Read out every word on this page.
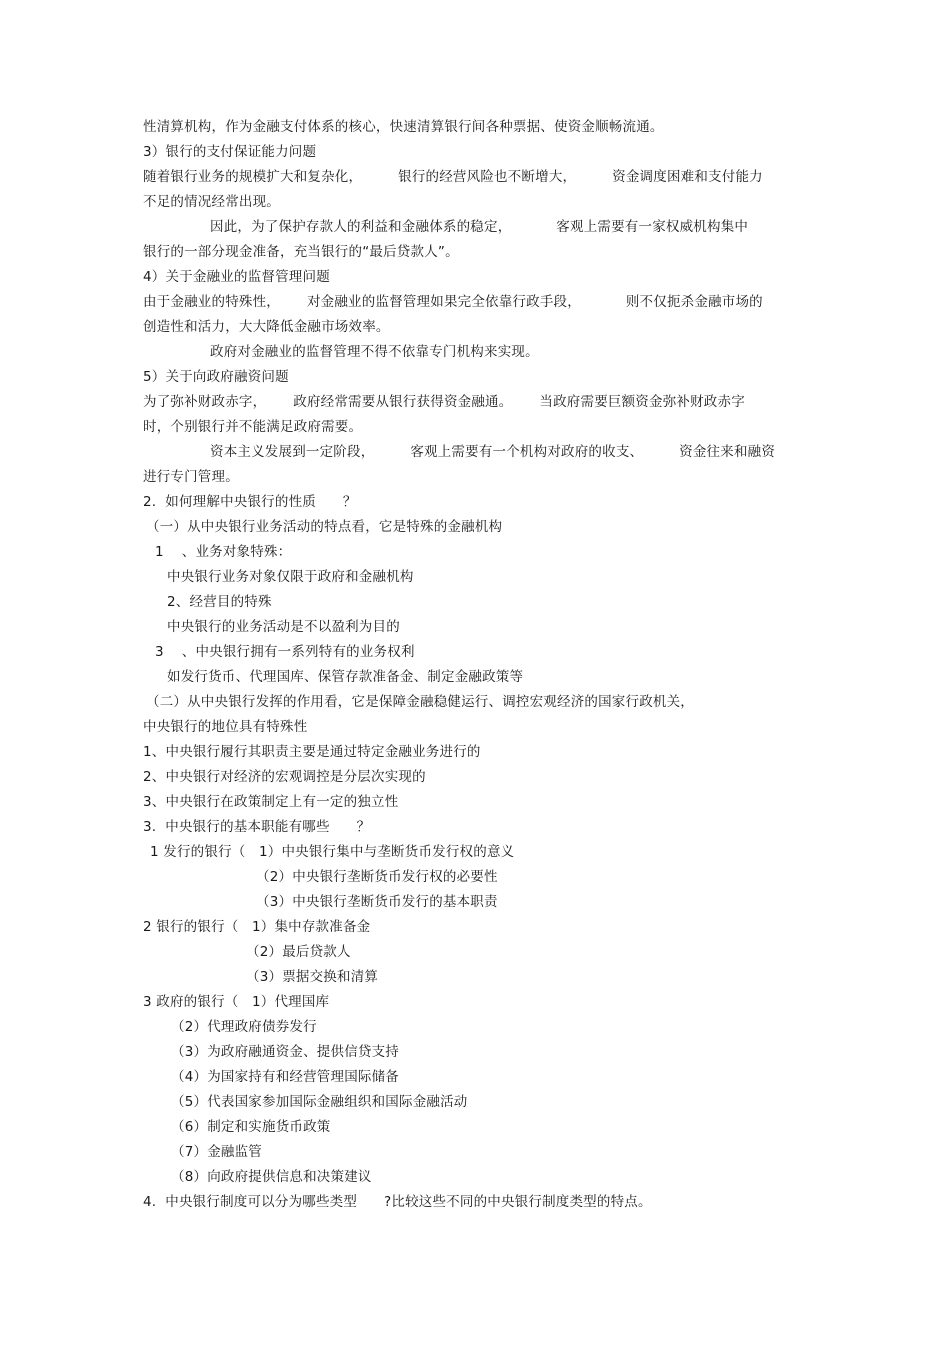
性清算机构，作为金融支付体系的核心，快速清算银行间各种票据、使资金顺畅流通。
3）银行的支付保证能力问题
随着银行业务的规模扩大和复杂化，        银行的经营风险也不断增大，        资金调度困难和支付能力
不足的情况经常出现。
因此，为了保护存款人的利益和金融体系的稳定，          客观上需要有一家权威机构集中
银行的一部分现金准备，充当银行的“最后贷款人”。
4）关于金融业的监督管理问题
由于金融业的特殊性，      对金融业的监督管理如果完全依靠行政手段，          则不仅扼杀金融市场的
创造性和活力，大大降低金融市场效率。
政府对金融业的监督管理不得不依靠专门机构来实现。
5）关于向政府融资问题
为了弥补财政赤字，      政府经常需要从银行获得资金融通。      当政府需要巨额资金弥补财政赤字
时，个别银行并不能满足政府需要。
资本主义发展到一定阶段，        客观上需要有一个机构对政府的收支、        资金往来和融资
进行专门管理。
2.  如何理解中央银行的性质      ？
（一）从中央银行业务活动的特点看，它是特殊的金融机构
1    、业务对象特殊：
中央银行业务对象仅限于政府和金融机构
2、经营目的特殊
中央银行的业务活动是不以盈利为目的
3    、中央银行拥有一系列特有的业务权利
如发行货币、代理国库、保管存款准备金、制定金融政策等
（二）从中央银行发挥的作用看，它是保障金融稳健运行、调控宏观经济的国家行政机关，
中央银行的地位具有特殊性
1、中央银行履行其职责主要是通过特定金融业务进行的
2、中央银行对经济的宏观调控是分层次实现的
3、中央银行在政策制定上有一定的独立性
3.  中央银行的基本职能有哪些      ？
1 发行的银行（   1）中央银行集中与垄断货币发行权的意义
（2）中央银行垄断货币发行权的必要性
（3）中央银行垄断货币发行的基本职责
2 银行的银行（   1）集中存款准备金
（2）最后贷款人
（3）票据交换和清算
3 政府的银行（   1）代理国库
（2）代理政府债券发行
（3）为政府融通资金、提供信贷支持
（4）为国家持有和经营管理国际储备
（5）代表国家参加国际金融组织和国际金融活动
（6）制定和实施货币政策
（7）金融监管
（8）向政府提供信息和决策建议
4.  中央银行制度可以分为哪些类型      ?比较这些不同的中央银行制度类型的特点。
